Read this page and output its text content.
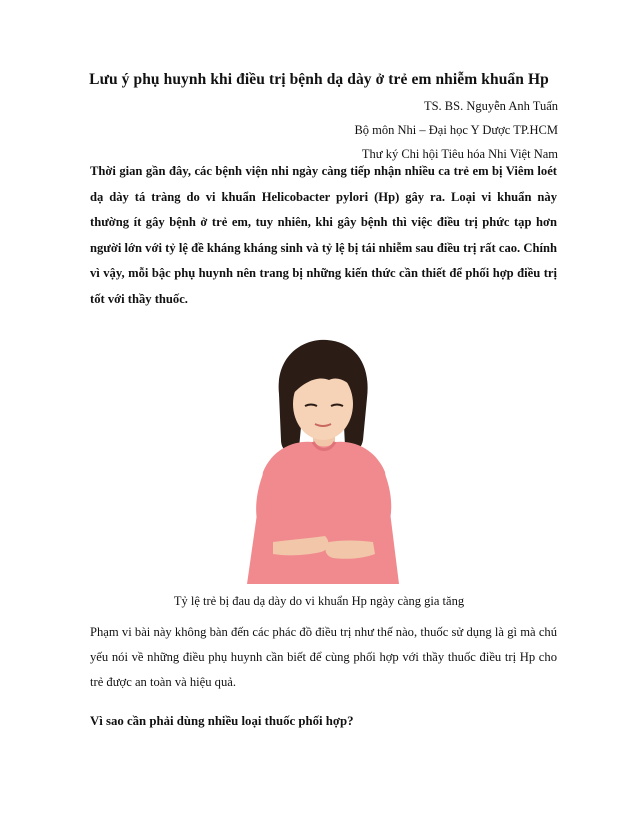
Lưu ý phụ huynh khi điều trị bệnh dạ dày ở trẻ em nhiễm khuẩn Hp
TS. BS. Nguyễn Anh Tuấn
Bộ môn Nhi – Đại học Y Dược TP.HCM
Thư ký Chi hội Tiêu hóa Nhi Việt Nam

Thời gian gần đây, các bệnh viện nhi ngày càng tiếp nhận nhiều ca trẻ em bị Viêm loét dạ dày tá tràng do vi khuẩn Helicobacter pylori (Hp) gây ra. Loại vi khuẩn này thường ít gây bệnh ở trẻ em, tuy nhiên, khi gây bệnh thì việc điều trị phức tạp hơn người lớn với tỷ lệ đề kháng kháng sinh và tỷ lệ bị tái nhiễm sau điều trị rất cao. Chính vì vậy, mỗi bậc phụ huynh nên trang bị những kiến thức cần thiết để phối hợp điều trị tốt với thầy thuốc.

Tỷ lệ trẻ bị đau dạ dày do vi khuẩn Hp ngày càng gia tăng

Phạm vi bài này không bàn đến các phác đồ điều trị như thế nào, thuốc sử dụng là gì mà chú yếu nói về những điều phụ huynh cần biết để cùng phối hợp với thầy thuốc điều trị Hp cho trẻ được an toàn và hiệu quả.

Vì sao cần phải dùng nhiều loại thuốc phối hợp?
